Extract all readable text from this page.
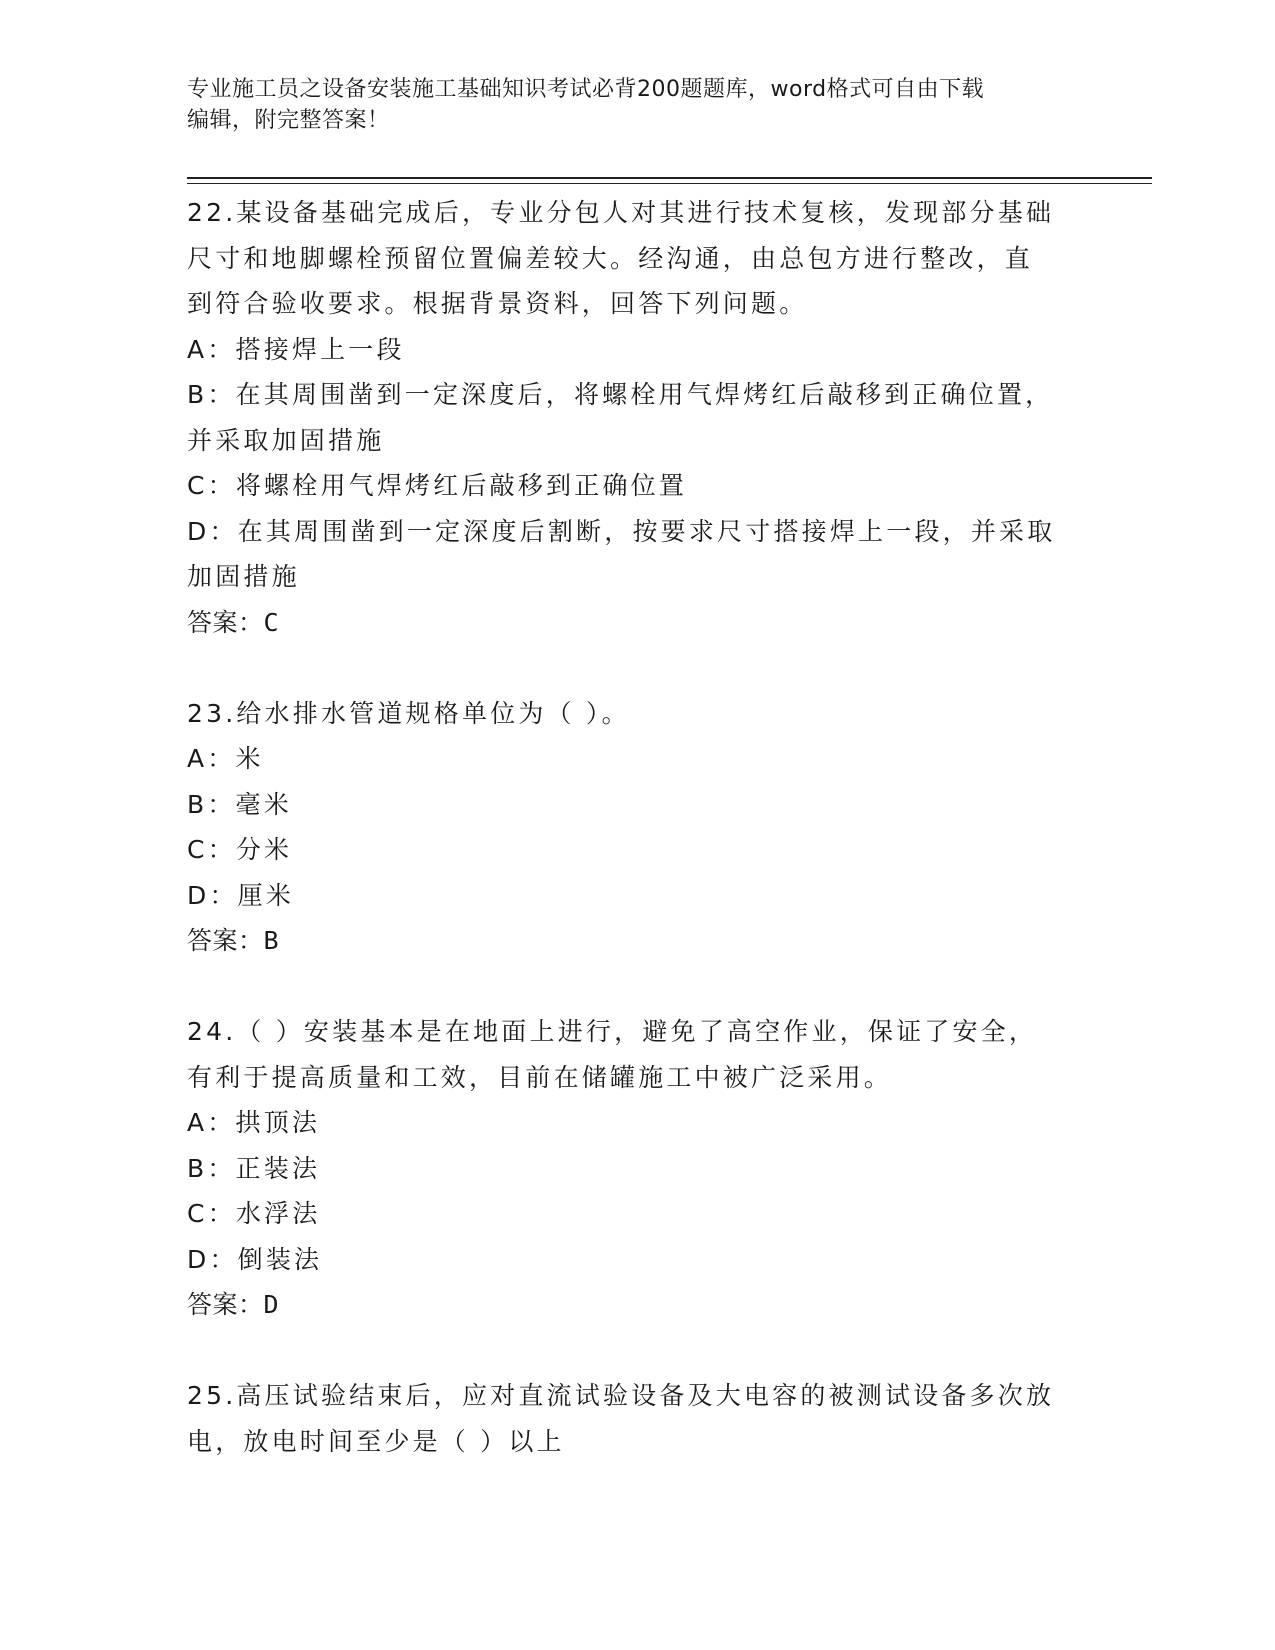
专业施工员之设备安装施工基础知识考试必背200题题库，word格式可自由下载
编辑，附完整答案！
22.某设备基础完成后，专业分包人对其进行技术复核，发现部分基础
尺寸和地脚螺栓预留位置偏差较大。经沟通，由总包方进行整改，直
到符合验收要求。根据背景资料，回答下列问题。
A：搭接焊上一段
B：在其周围凿到一定深度后，将螺栓用气焊烤红后敲移到正确位置，
并采取加固措施
C：将螺栓用气焊烤红后敲移到正确位置
D：在其周围凿到一定深度后割断，按要求尺寸搭接焊上一段，并采取
加固措施
答案：C
23.给水排水管道规格单位为（ ）。
A：米
B：毫米
C：分米
D：厘米
答案：B
24.（ ）安装基本是在地面上进行，避免了高空作业，保证了安全，
有利于提高质量和工效，目前在储罐施工中被广泛采用。
A：拱顶法
B：正装法
C：水浮法
D：倒装法
答案：D
25.高压试验结束后，应对直流试验设备及大电容的被测试设备多次放
电，放电时间至少是（ ）以上
